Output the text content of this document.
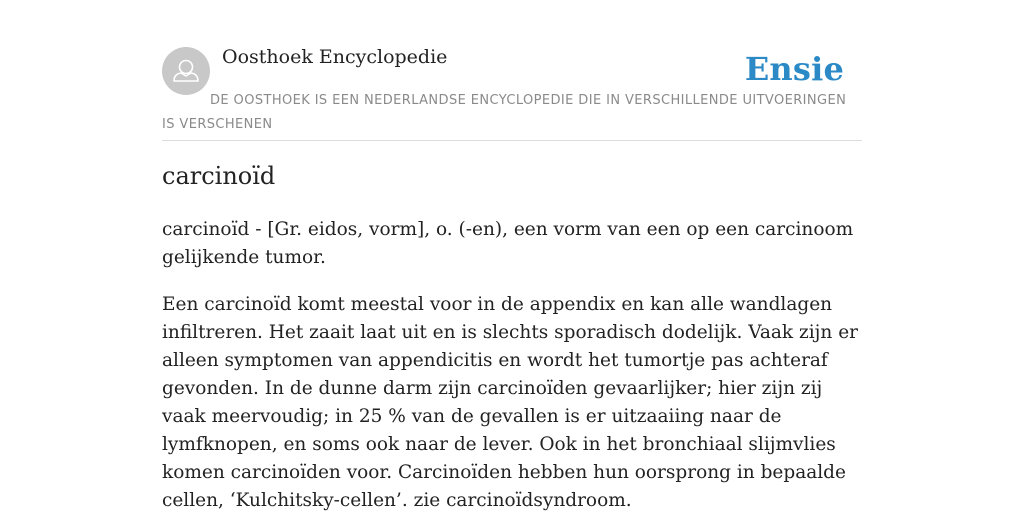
Oosthoek Encyclopedie	Ensie
DE OOSTHOEK IS EEN NEDERLANDSE ENCYCLOPEDIE DIE IN VERSCHILLENDE UITVOERINGEN IS VERSCHENEN
carcinoïd

carcinoïd - [Gr. eidos, vorm], o. (-en), een vorm van een op een carcinoom gelijkende tumor.

Een carcinoïd komt meestal voor in de appendix en kan alle wandlagen infiltreren. Het zaait laat uit en is slechts sporadisch dodelijk. Vaak zijn er alleen symptomen van appendicitis en wordt het tumortje pas achteraf gevonden. In de dunne darm zijn carcinoïden gevaarlijker; hier zijn zij vaak meervoudig; in 25 % van de gevallen is er uitzaaiing naar de lymfknopen, en soms ook naar de lever. Ook in het bronchiaal slijmvlies komen carcinoïden voor. Carcinoïden hebben hun oorsprong in bepaalde cellen, ‘Kulchitsky-cellen’. zie carcinoïdsyndroom.
